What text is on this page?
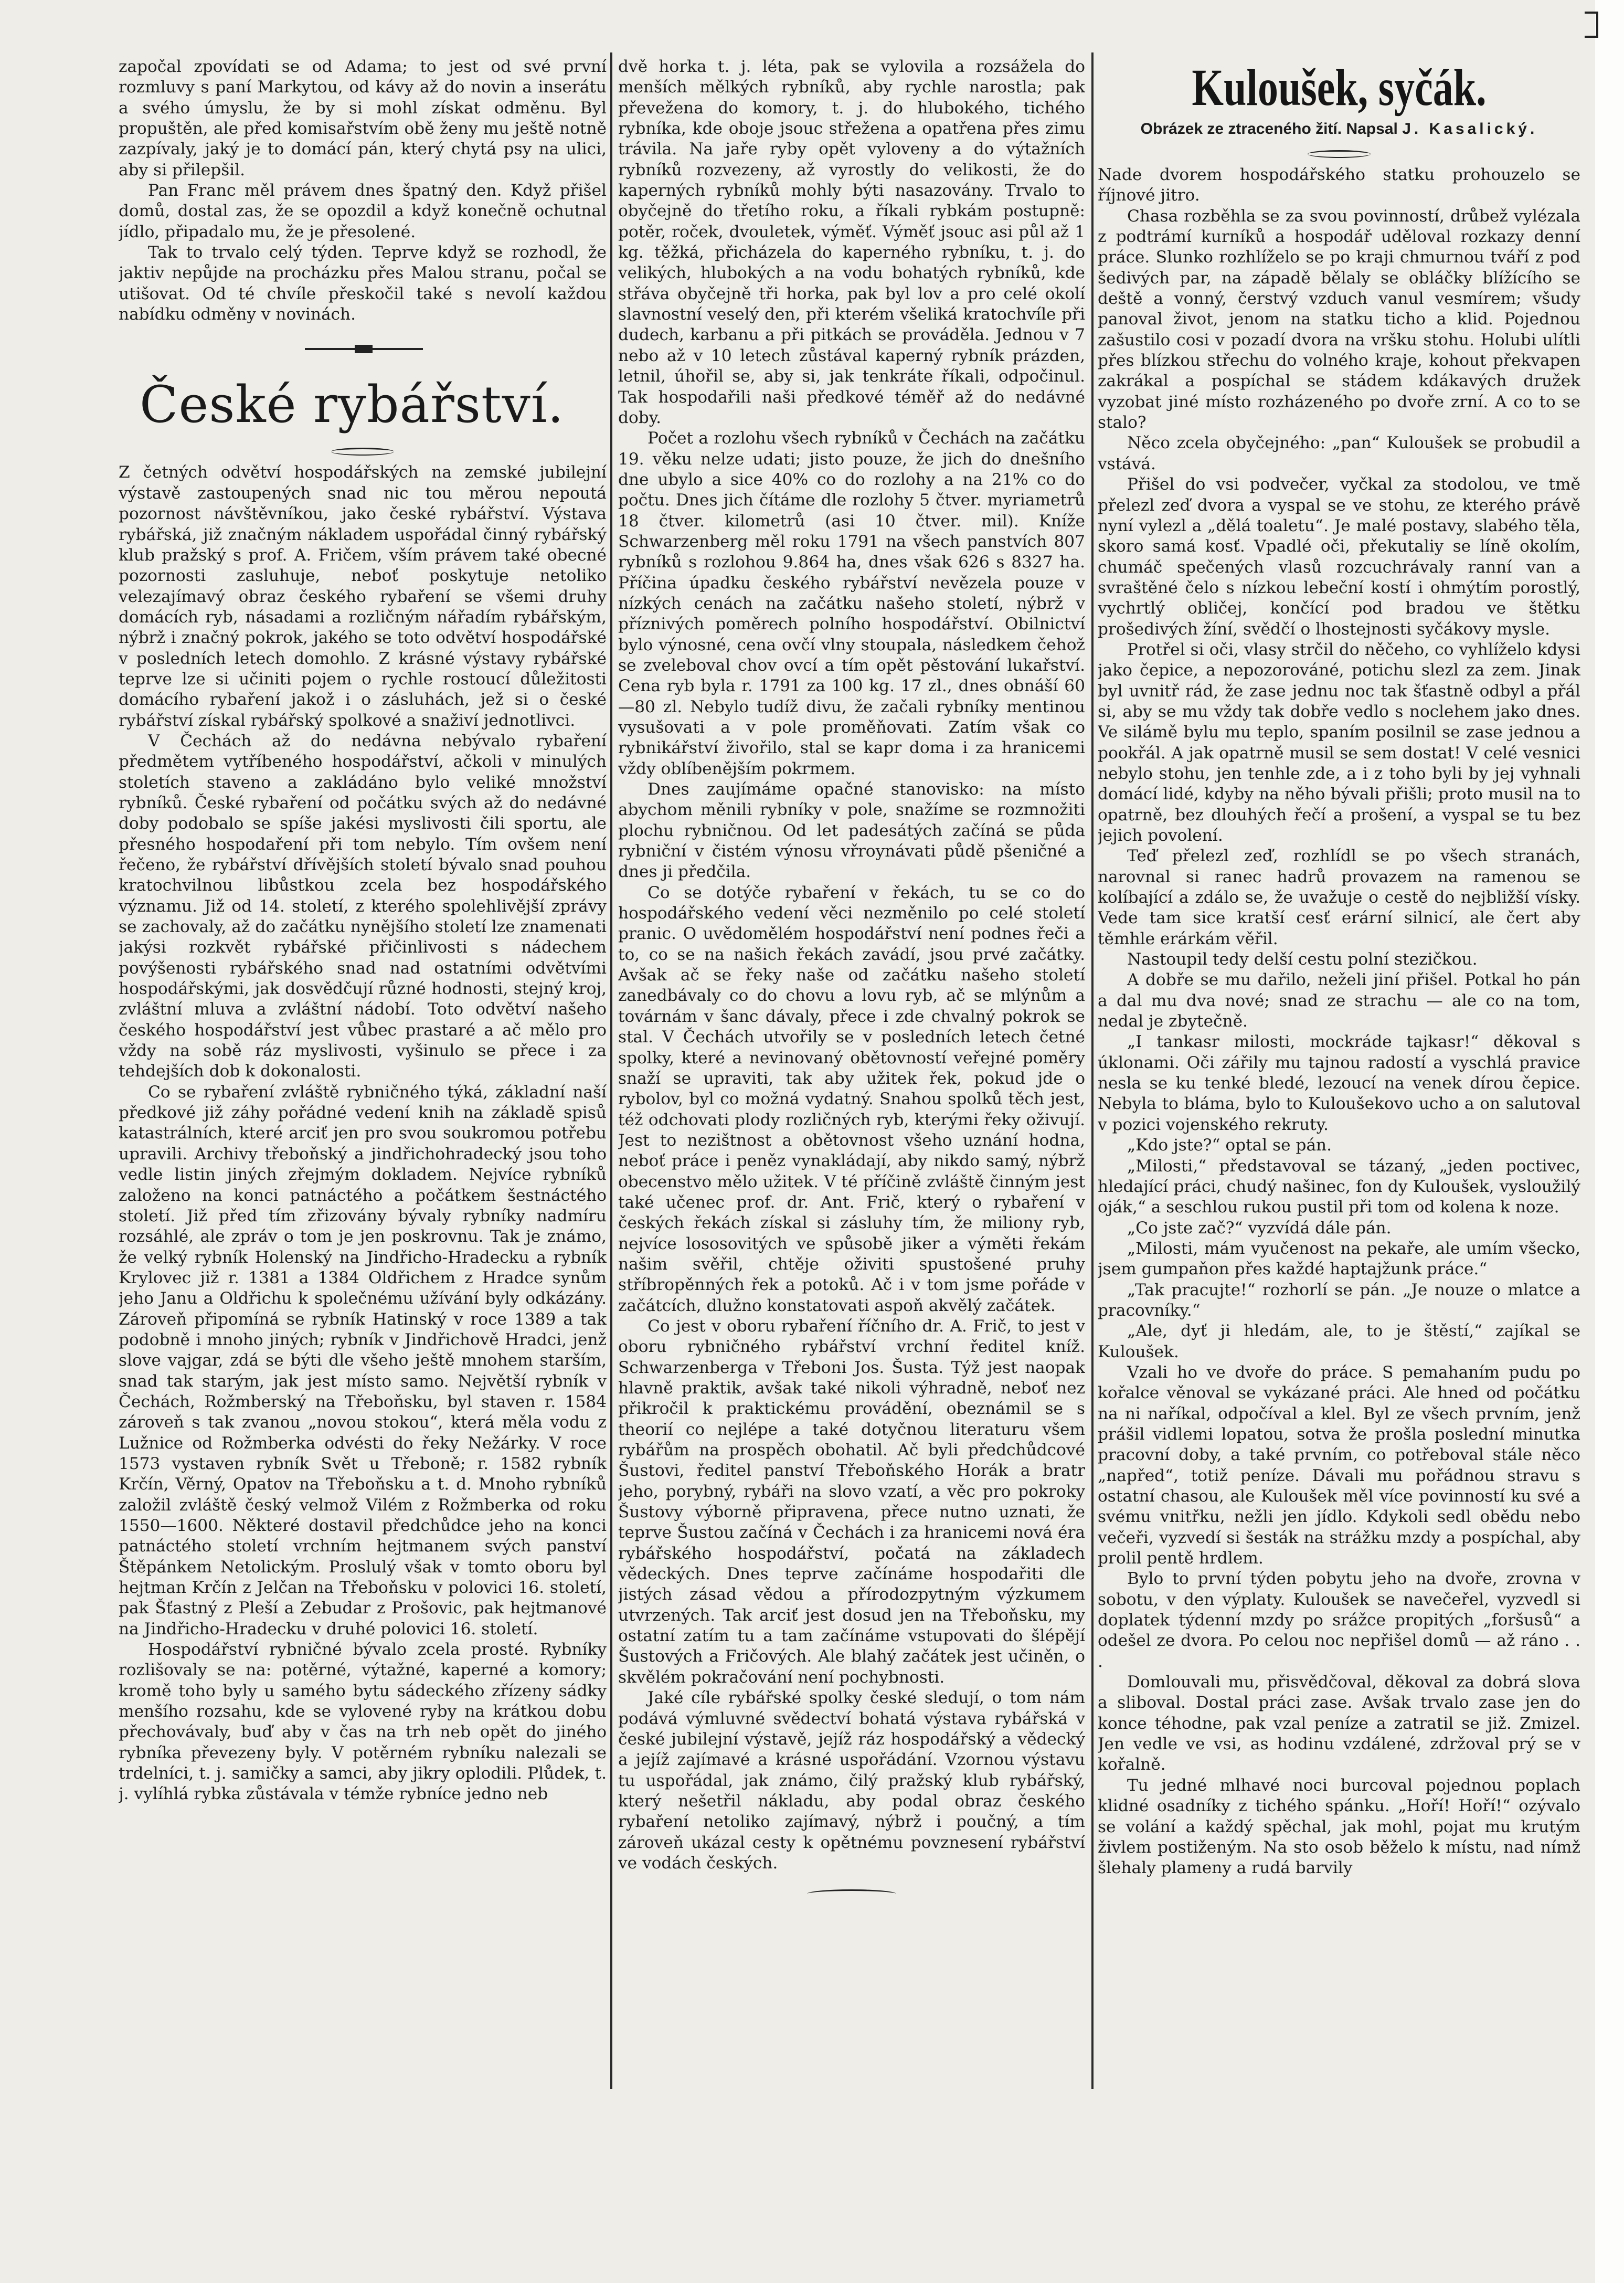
započal zpovídati se od Adama; to jest od své první rozmluvy s paní Markytou, od kávy až do novin a inserátu a svého úmyslu, že by si mohl získat odměnu. Byl propuštěn, ale před komisařstvím obě ženy mu ještě notně zazpívaly, jaký je to domácí pán, který chytá psy na ulici, aby si přilepšil.

Pan Franc měl právem dnes špatný den. Když přišel domů, dostal zas, že se opozdil a když konečně ochutnal jídlo, připadalo mu, že je přesolené.

Tak to trvalo celý týden. Teprve když se rozhodl, že jaktiv nepůjde na procházku přes Malou stranu, počal se utišovat. Od té chvíle přeskočil také s nevolí každou nabídku odměny v novinách.

České rybářství.

Z četných odvětví hospodářských na zemské jubilejní výstavě zastoupených snad nic tou měrou nepoutá pozornost návštěvníkou, jako české rybářství. Výstava rybářská, již značným nákladem uspořádal činný rybářský klub pražský s prof. A. Fričem, vším právem také obecné pozornosti zasluhuje, neboť poskytuje netoliko velezajímavý obraz českého rybaření se všemi druhy domácích ryb, násadami a rozličným nářadím rybářským, nýbrž i značný pokrok, jakého se toto odvětví hospodářské v posledních letech domohlo. Z krásné výstavy rybářské teprve lze si učiniti pojem o rychle rostoucí důležitosti domácího rybaření jakož i o zásluhách, jež si o české rybářství získal rybářský spolkové a snaživí jednotlivci.

V Čechách až do nedávna nebývalo rybaření předmětem vytříbeného hospodářství, ačkoli v minulých stoletích staveno a zakládáno bylo veliké množství rybníků. České rybaření od počátku svých až do nedávné doby podobalo se spíše jakési myslivosti čili sportu, ale přesného hospodaření při tom nebylo. Tím ovšem není řečeno, že rybářství dřívějších století bývalo snad pouhou kratochvilnou libůstkou zcela bez hospodářského významu. Již od 14. století, z kterého spolehlivější zprávy se zachovaly, až do začátku nynějšího století lze znamenati jakýsi rozkvět rybářské přičinlivosti s nádechem povýšenosti rybářského snad nad ostatními odvětvími hospodářskými, jak dosvědčují různé hodnosti, stejný kroj, zvláštní mluva a zvláštní nádobí. Toto odvětví našeho českého hospodářství jest vůbec prastaré a ač mělo pro vždy na sobě ráz myslivosti, vyšinulo se přece i za tehdejších dob k dokonalosti.

Co se rybaření zvláště rybničného týká, základní naší předkové již záhy pořádné vedení knih na základě spisů katastrálních, které arciť jen pro svou soukromou potřebu upravili. Archivy třeboňský a jindřichohradecký jsou toho vedle listin jiných zřejmým dokladem. Nejvíce rybníků založeno na konci patnáctého a počátkem šestnáctého století. Již před tím zřizovány bývaly rybníky nadmíru rozsáhlé, ale zpráv o tom je jen poskrovnu. Tak je známo, že velký rybník Holenský na Jindřicho-Hradecku a rybník Krylovec již r. 1381 a 1384 Oldřichem z Hradce synům jeho Janu a Oldřichu k společnému užívání byly odkázány. Zároveň připomíná se rybník Hatinský v roce 1389 a tak podobně i mnoho jiných; rybník v Jindřichově Hradci, jenž slove vajgar, zdá se býti dle všeho ještě mnohem starším, snad tak starým, jak jest místo samo. Největší rybník v Čechách, Rožmberský na Třeboňsku, byl staven r. 1584 zároveň s tak zvanou „novou stokou“, která měla vodu z Lužnice od Rožmberka odvésti do řeky Nežárky. V roce 1573 vystaven rybník Svět u Třeboně; r. 1582 rybník Krčín, Věrný, Opatov na Třeboňsku a t. d. Mnoho rybníků založil zvláště český velmož Vilém z Rožmberka od roku 1550—1600. Některé dostavil předchůdce jeho na konci patnáctého století vrchním hejtmanem svých panství Štěpánkem Netolickým. Proslulý však v tomto oboru byl hejtman Krčín z Jelčan na Třeboňsku v polovici 16. století, pak Šťastný z Pleší a Zebudar z Prošovic, pak hejtmanové na Jindřicho-Hradecku v druhé polovici 16. století.

Hospodářství rybničné bývalo zcela prosté. Rybníky rozlišovaly se na: potěrné, výtažné, kaperné a komory; kromě toho byly u samého bytu sádeckého zřízeny sádky menšího rozsahu, kde se vylovené ryby na krátkou dobu přechovávaly, buď aby v čas na trh neb opět do jiného rybníka převezeny byly. V potěrném rybníku nalezali se trdelníci, t. j. samičky a samci, aby jikry oplodili. Plůdek, t. j. vylíhlá rybka zůstávala v témže rybníce jedno neb

dvě horka t. j. léta, pak se vylovila a rozsážela do menších mělkých rybníků, aby rychle narostla; pak převežena do komory, t. j. do hlubokého, tichého rybníka, kde oboje jsouc střežena a opatřena přes zimu trávila. Na jaře ryby opět vyloveny a do výtažních rybníků rozvezeny, až vyrostly do velikosti, že do kaperných rybníků mohly býti nasazovány. Trvalo to obyčejně do třetího roku, a říkali rybkám postupně: potěr, roček, dvouletek, výměť. Výměť jsouc asi půl až 1 kg. těžká, přicházela do kaperného rybníku, t. j. do velikých, hlubokých a na vodu bohatých rybníků, kde střáva obyčejně tři horka, pak byl lov a pro celé okolí slavnostní veselý den, při kterém všeliká kratochvíle při dudech, karbanu a při pitkách se prováděla. Jednou v 7 nebo až v 10 letech zůstával kaperný rybník prázden, letnil, úhořil se, aby si, jak tenkráte říkali, odpočinul. Tak hospodařili naši předkové téměř až do nedávné doby.

Počet a rozlohu všech rybníků v Čechách na začátku 19. věku nelze udati; jisto pouze, že jich do dnešního dne ubylo a sice 40% co do rozlohy a na 21% co do počtu. Dnes jich čítáme dle rozlohy 5 čtver. myriametrů 18 čtver. kilometrů (asi 10 čtver. mil). Kníže Schwarzenberg měl roku 1791 na všech panstvích 807 rybníků s rozlohou 9.864 ha, dnes však 626 s 8327 ha. Příčina úpadku českého rybářství nevězela pouze v nízkých cenách na začátku našeho století, nýbrž v příznivých poměrech polního hospodářství. Obilnictví bylo výnosné, cena ovčí vlny stoupala, následkem čehož se zveleboval chov ovcí a tím opět pěstování lukařství. Cena ryb byla r. 1791 za 100 kg. 17 zl., dnes obnáší 60—80 zl. Nebylo tudíž divu, že začali rybníky mentinou vysušovati a v pole proměňovati. Zatím však co rybnikářství živořilo, stal se kapr doma i za hranicemi vždy oblíbenějším pokrmem.

Dnes zaujímáme opačné stanovisko: na místo abychom měnili rybníky v pole, snažíme se rozmnožiti plochu rybničnou. Od let padesátých začíná se půda rybniční v čistém výnosu vřroynávati půdě pšeničné a dnes ji předčila.

Co se dotýče rybaření v řekách, tu se co do hospodářského vedení věci nezměnilo po celé století pranic. O uvědomělém hospodářství není podnes řeči a to, co se na našich řekách zavádí, jsou prvé začátky. Avšak ač se řeky naše od začátku našeho století zanedbávaly co do chovu a lovu ryb, ač se mlýnům a továrnám v šanc dávaly, přece i zde chvalný pokrok se stal. V Čechách utvořily se v posledních letech četné spolky, které a nevinovaný obětovností veřejné poměry snaží se upraviti, tak aby užitek řek, pokud jde o rybolov, byl co možná vydatný. Snahou spolků těch jest, též odchovati plody rozličných ryb, kterými řeky oživují. Jest to nezištnost a obětovnost všeho uznání hodna, neboť práce i peněz vynakládají, aby nikdo samý, nýbrž obecenstvo mělo užitek. V té příčině zvláště činným jest také učenec prof. dr. Ant. Frič, který o rybaření v českých řekách získal si zásluhy tím, že miliony ryb, nejvíce lososovitých ve spůsobě jiker a výměti řekám našim svěřil, chtěje oživiti spustošené pruhy stříbropěnných řek a potoků. Ač i v tom jsme pořáde v začátcích, dlužno konstatovati aspoň akvělý začátek.

Co jest v oboru rybaření říčního dr. A. Frič, to jest v oboru rybničného rybářství vrchní ředitel kníž. Schwarzenberga v Třeboni Jos. Šusta. Týž jest naopak hlavně praktik, avšak také nikoli výhradně, neboť nez přikročil k praktickému provádění, obeznámil se s theorií co nejlépe a také dotyčnou literaturu všem rybářům na prospěch obohatil. Ač byli předchůdcové Šustovi, ředitel panství Třeboňského Horák a bratr jeho, porybný, rybáři na slovo vzatí, a věc pro pokroky Šustovy výborně připravena, přece nutno uznati, že teprve Šustou začíná v Čechách i za hranicemi nová éra rybářského hospodářství, počatá na základech vědeckých. Dnes teprve začínáme hospodařiti dle jistých zásad vědou a přírodozpytným výzkumem utvrzených. Tak arciť jest dosud jen na Třeboňsku, my ostatní zatím tu a tam začínáme vstupovati do šlépějí Šustových a Fričových. Ale blahý začátek jest učiněn, o skvělém pokračování není pochybnosti.

Jaké cíle rybářské spolky české sledují, o tom nám podává výmluvné svědectví bohatá výstava rybářská v české jubilejní výstavě, jejíž ráz hospodářský a vědecký a jejíž zajímavé a krásné uspořádání. Vzornou výstavu tu uspořádal, jak známo, čilý pražský klub rybářský, který nešetřil nákladu, aby podal obraz českého rybaření netoliko zajímavý, nýbrž i poučný, a tím zároveň ukázal cesty k opětnému povznesení rybářství ve vodách českých.

Kuloušek, syčák.
Obrázek ze ztraceného žití. Napsal J. Kasalický.

Nade dvorem hospodářského statku prohouzelo se říjnové jitro.

Chasa rozběhla se za svou povinností, drůbež vylézala z podtrámí kurníků a hospodář uděloval rozkazy denní práce. Slunko rozhlíželo se po kraji chmurnou tváří z pod šedivých par, na západě bělaly se obláčky blížícího se deště a vonný, čerstvý vzduch vanul vesmírem; všudy panoval život, jenom na statku ticho a klid. Pojednou zašustilo cosi v pozadí dvora na vršku stohu. Holubi ulítli přes blízkou střechu do volného kraje, kohout překvapen zakrákal a pospíchal se stádem kdákavých družek vyzobat jiné místo rozházeného po dvoře zrní. A co to se stalo?

Něco zcela obyčejného: „pan“ Kuloušek se probudil a vstává.

Přišel do vsi podvečer, vyčkal za stodolou, ve tmě přelezl zeď dvora a vyspal se ve stohu, ze kterého právě nyní vylezl a „dělá toaletu“. Je malé postavy, slabého těla, skoro samá kosť. Vpadlé oči, překutaliy se líně okolím, chumáč spečených vlasů rozcuchrávaly ranní van a svraštěné čelo s nízkou lebeční kostí i ohmýtím porostlý, vychrtlý obličej, končící pod bradou ve štětku prošedivých žíní, svědčí o lhostejnosti syčákovy mysle.

Protřel si oči, vlasy strčil do něčeho, co vyhlíželo kdysi jako čepice, a nepozorováné, potichu slezl za zem. Jinak byl uvnitř rád, že zase jednu noc tak šťastně odbyl a přál si, aby se mu vždy tak dobře vedlo s noclehem jako dnes. Ve silámě bylu mu teplo, spaním posilnil se zase jednou a pookřál. A jak opatrně musil se sem dostat! V celé vesnici nebylo stohu, jen tenhle zde, a i z toho byli by jej vyhnali domácí lidé, kdyby na něho bývali přišli; proto musil na to opatrně, bez dlouhých řečí a prošení, a vyspal se tu bez jejich povolení.

Teď přelezl zeď, rozhlídl se po všech stranách, narovnal si ranec hadrů provazem na ramenou se kolíbající a zdálo se, že uvažuje o cestě do nejbližší vísky. Vede tam sice kratší cesť erární silnicí, ale čert aby těmhle erárkám věřil.

Nastoupil tedy delší cestu polní stezičkou.

A dobře se mu dařilo, neželi jiní přišel. Potkal ho pán a dal mu dva nové; snad ze strachu — ale co na tom, nedal je zbytečně.

„I tankasr milosti, mockráde tajkasr!“ děkoval s úklonami. Oči zářily mu tajnou radostí a vyschlá pravice nesla se ku tenké bledé, lezoucí na venek dírou čepice. Nebyla to bláma, bylo to Kuloušekovo ucho a on salutoval v pozici vojenského rekruty.

„Kdo jste?“ optal se pán.

„Milosti,“ představoval se tázaný, „jeden poctivec, hledající práci, chudý našinec, fon dy Kuloušek, vysloužilý oják,“ a seschlou rukou pustil při tom od kolena k noze.

„Co jste zač?“ vyzvídá dále pán.

„Milosti, mám vyučenost na pekaře, ale umím všecko, jsem gumpaňon přes každé haptajžunk práce.“

„Tak pracujte!“ rozhorlí se pán. „Je nouze o mlatce a pracovníky.“

„Ale, dyť ji hledám, ale, to je štěstí,“ zajíkal se Kuloušek.

Vzali ho ve dvoře do práce. S pemahaním pudu po kořalce věnoval se vykázané práci. Ale hned od počátku na ni naříkal, odpočíval a klel. Byl ze všech prvním, jenž prášil vidlemi lopatou, sotva že prošla poslední minutka pracovní doby, a také prvním, co potřeboval stále něco „napřed“, totiž peníze. Dávali mu pořádnou stravu s ostatní chasou, ale Kuloušek měl více povinností ku své a svému vnitřku, nežli jen jídlo. Kdykoli sedl obědu nebo večeři, vyzvedí si šesták na strážku mzdy a pospíchal, aby prolil pentě hrdlem.

Bylo to první týden pobytu jeho na dvoře, zrovna v sobotu, v den výplaty. Kuloušek se navečeřel, vyzvedl si doplatek týdenní mzdy po srážce propitých „foršusů“ a odešel ze dvora. Po celou noc nepřišel domů — až ráno . . .

Domlouvali mu, přisvědčoval, děkoval za dobrá slova a sliboval. Dostal práci zase. Avšak trvalo zase jen do konce téhodne, pak vzal peníze a zatratil se již. Zmizel. Jen vedle ve vsi, as hodinu vzdálené, zdržoval prý se v kořalně.

Tu jedné mlhavé noci burcoval pojednou poplach klidné osadníky z tichého spánku. „Hoří! Hoří!“ ozývalo se volání a každý spěchal, jak mohl, pojat mu krutým živlem postiženým. Na sto osob běželo k místu, nad nímž šlehaly plameny a rudá barvily
